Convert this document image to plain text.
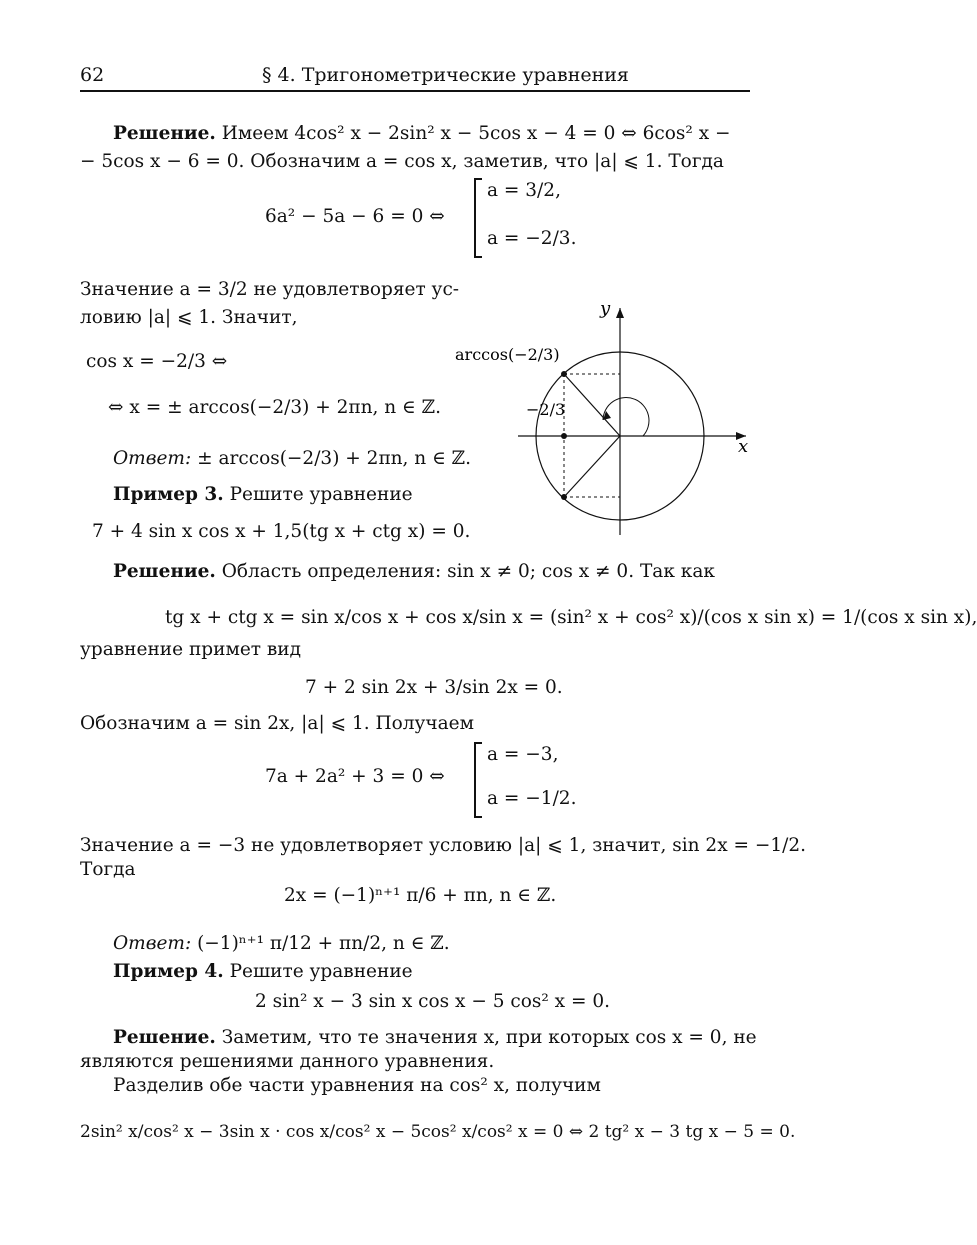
62	§ 4. Тригонометрические уравнения
Решение. Имеем 4cos² x − 2sin² x − 5cos x − 4 = 0 ⇔ 6cos² x −
− 5cos x − 6 = 0. Обозначим a = cos x, заметив, что |a| ⩽ 1. Тогда
6a² − 5a − 6 = 0 ⇔
a = 3/2,
a = −2/3.
Значение a = 3/2 не удовлетворяет ус-
ловию |a| ⩽ 1. Значит,
cos x = −2/3 ⇔
⇔ x = ± arccos(−2/3) + 2πn, n ∈ ℤ.
Ответ: ± arccos(−2/3) + 2πn, n ∈ ℤ.
y
x
arccos(−2/3)
−2/3
Пример 3. Решите уравнение
7 + 4 sin x cos x + 1,5(tg x + ctg x) = 0.
Решение. Область определения: sin x ≠ 0; cos x ≠ 0. Так как
tg x + ctg x = sin x/cos x + cos x/sin x = (sin² x + cos² x)/(cos x sin x) = 1/(cos x sin x),
уравнение примет вид
7 + 2 sin 2x + 3/sin 2x = 0.
Обозначим a = sin 2x, |a| ⩽ 1. Получаем
7a + 2a² + 3 = 0 ⇔
a = −3,
a = −1/2.
Значение a = −3 не удовлетворяет условию |a| ⩽ 1, значит, sin 2x = −1/2.
Тогда
2x = (−1)ⁿ⁺¹ π/6 + πn, n ∈ ℤ.
Ответ: (−1)ⁿ⁺¹ π/12 + πn/2, n ∈ ℤ.
Пример 4. Решите уравнение
2 sin² x − 3 sin x cos x − 5 cos² x = 0.
Решение. Заметим, что те значения x, при которых cos x = 0, не
являются решениями данного уравнения.
Разделив обе части уравнения на cos² x, получим
2sin² x/cos² x − 3sin x · cos x/cos² x − 5cos² x/cos² x = 0 ⇔ 2 tg² x − 3 tg x − 5 = 0.
